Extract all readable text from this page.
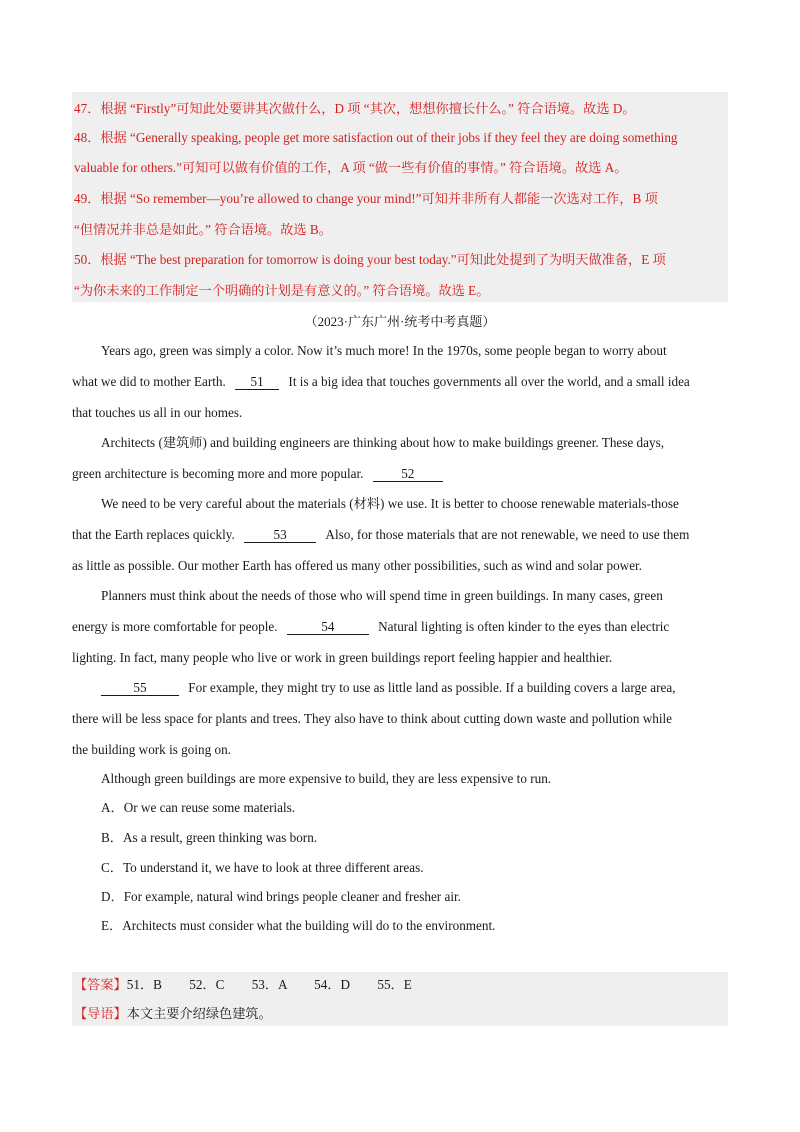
47．根据 “Firstly”可知此处要讲其次做什么，D 项 “其次，想想你擅长什么。” 符合语境。故选 D。
48．根据 “Generally speaking, people get more satisfaction out of their jobs if they feel they are doing something
valuable for others.”可知可以做有价值的工作，A 项 “做一些有价值的事情。” 符合语境。故选 A。
49．根据 “So remember—you’re allowed to change your mind!”可知并非所有人都能一次选对工作，B 项
“但情况并非总是如此。” 符合语境。故选 B。
50．根据 “The best preparation for tomorrow is doing your best today.”可知此处提到了为明天做准备，E 项
“为你未来的工作制定一个明确的计划是有意义的。” 符合语境。故选 E。
（2023·广东广州·统考中考真题）
Years ago, green was simply a color. Now it’s much more! In the 1970s, some people began to worry about
what we did to mother Earth. 51 It is a big idea that touches governments all over the world, and a small idea
that touches us all in our homes.
Architects (建筑师) and building engineers are thinking about how to make buildings greener. These days,
green architecture is becoming more and more popular.	52
We need to be very careful about the materials (材料) we use. It is better to choose renewable materials-those
that the Earth replaces quickly.	53	Also, for those materials that are not renewable, we need to use them
as little as possible. Our mother Earth has offered us many other possibilities, such as wind and solar power.
Planners must think about the needs of those who will spend time in green buildings. In many cases, green
energy is more comfortable for people.	54	Natural lighting is often kinder to the eyes than electric
lighting. In fact, many people who live or work in green buildings report feeling happier and healthier.
55	For example, they might try to use as little land as possible. If a building covers a large area,
there will be less space for plants and trees. They also have to think about cutting down waste and pollution while
the building work is going on.
Although green buildings are more expensive to build, they are less expensive to run.
A．Or we can reuse some materials.
B．As a result, green thinking was born.
C．To understand it, we have to look at three different areas.
D．For example, natural wind brings people cleaner and fresher air.
E．Architects must consider what the building will do to the environment.
【答案】51．B 52．C 53．A 54．D 55．E
【导语】本文主要介绍绿色建筑。
